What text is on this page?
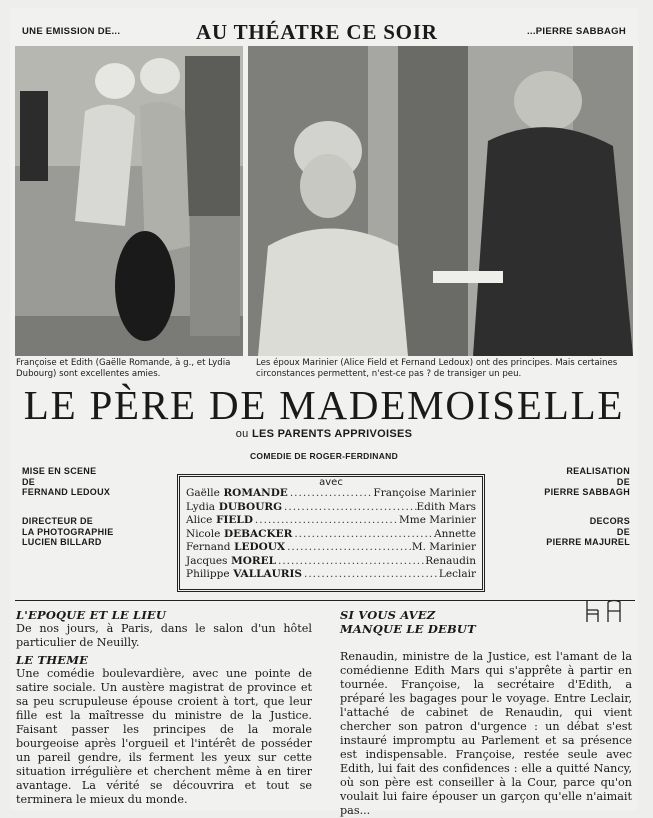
UNE EMISSION DE...	AU THÉATRE CE SOIR	...PIERRE SABBAGH
Françoise et Edith (Gaëlle Romande, à g., et Lydia Dubourg) sont excellentes amies.
Les époux Marinier (Alice Field et Fernand Ledoux) ont des principes. Mais certaines circonstances permettent, n'est-ce pas ? de transiger un peu.
LE PÈRE DE MADEMOISELLE
ou LES PARENTS APPRIVOISES
COMEDIE DE ROGER-FERDINAND
MISE EN SCENE
DE
FERNAND LEDOUX
DIRECTEUR DE
LA PHOTOGRAPHIE
LUCIEN BILLARD
REALISATION
DE
PIERRE SABBAGH
DECORS
DE
PIERRE MAJUREL
avec
Gaëlle ROMANDE .....	Françoise Marinier
Lydia DUBOURG .....	Edith Mars
Alice FIELD .....	Mme Marinier
Nicole DEBACKER .....	Annette
Fernand LEDOUX .....	M. Marinier
Jacques MOREL .....	Renaudin
Philippe VALLAURIS .....	Leclair
L'EPOQUE ET LE LIEU
De nos jours, à Paris, dans le salon d'un hôtel particulier de Neuilly.
LE THEME
Une comédie boulevardière, avec une pointe de satire sociale. Un austère magistrat de province et sa peu scrupuleuse épouse croient à tort, que leur fille est la maîtresse du ministre de la Justice. Faisant passer les principes de la morale bourgeoise après l'orgueil et l'intérêt de posséder un pareil gendre, ils ferment les yeux sur cette situation irrégulière et cherchent même à en tirer avantage. La vérité se découvrira et tout se terminera le mieux du monde.
SI VOUS AVEZ
MANQUE LE DEBUT
Renaudin, ministre de la Justice, est l'amant de la comédienne Edith Mars qui s'apprête à partir en tournée. Françoise, la secrétaire d'Edith, a préparé les bagages pour le voyage. Entre Leclair, l'attaché de cabinet de Renaudin, qui vient chercher son patron d'urgence : un débat s'est instauré impromptu au Parlement et sa présence est indispensable. Françoise, restée seule avec Edith, lui fait des confidences : elle a quitté Nancy, où son père est conseiller à la Cour, parce qu'on voulait lui faire épouser un garçon qu'elle n'aimait pas...
